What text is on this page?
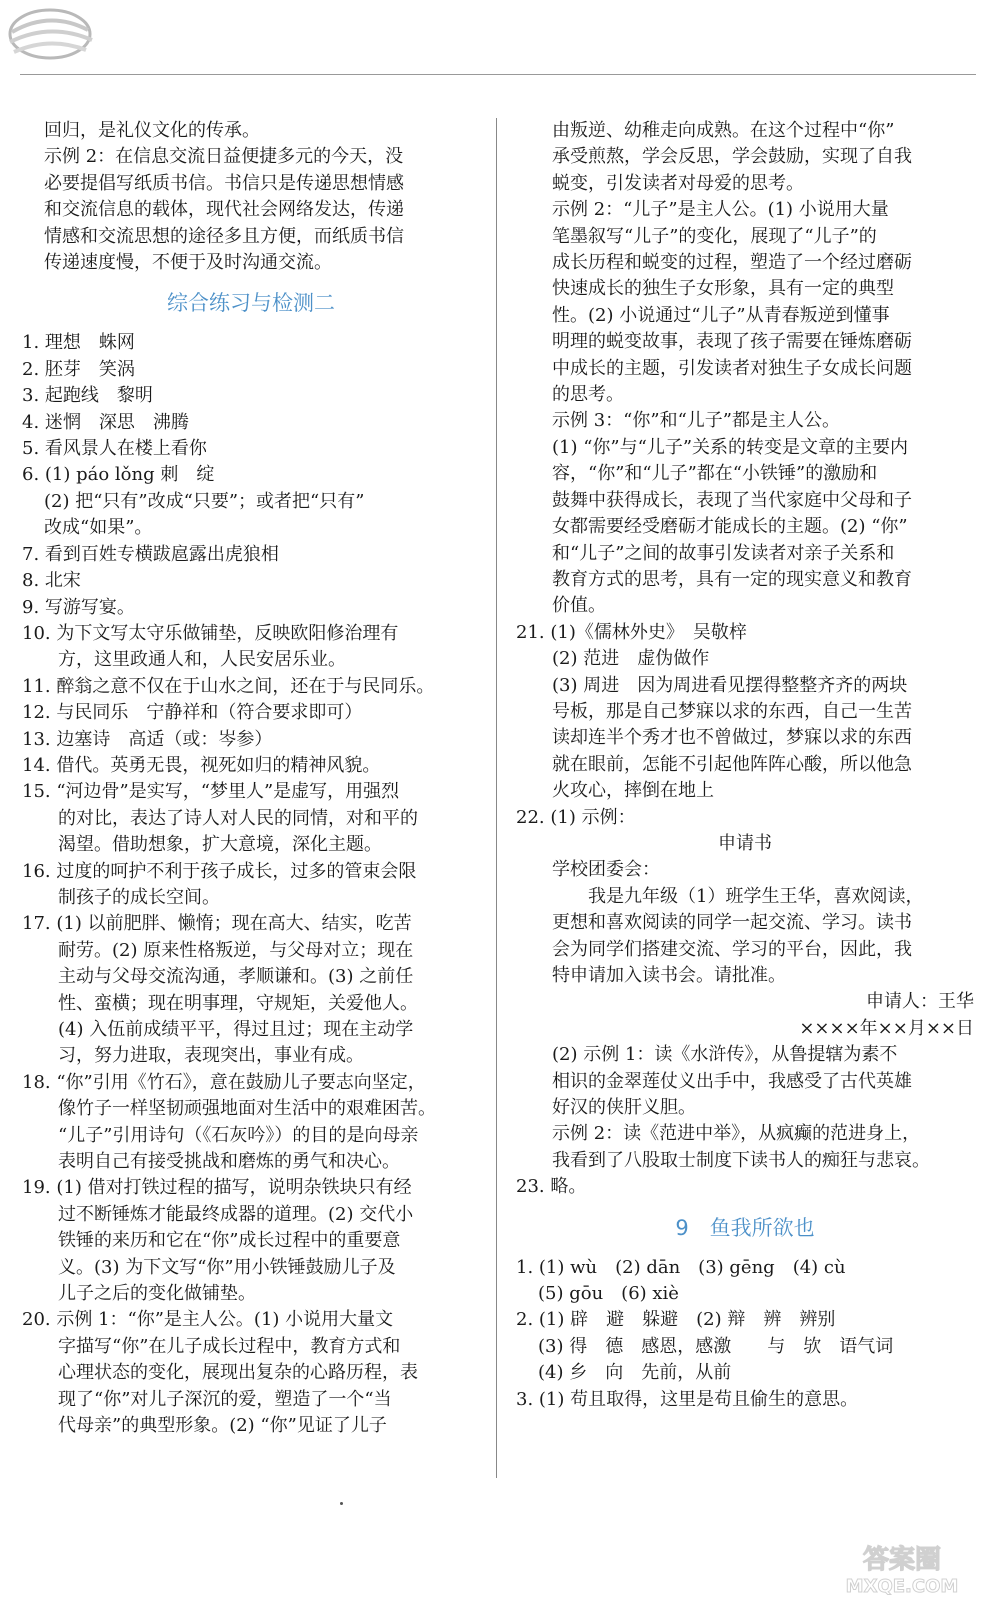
回归，是礼仪文化的传承。
示例 2：在信息交流日益便捷多元的今天，没
必要提倡写纸质书信。书信只是传递思想情感
和交流信息的载体，现代社会网络发达，传递
情感和交流思想的途径多且方便，而纸质书信
传递速度慢，不便于及时沟通交流。
综合练习与检测二
1. 理想　蛛网
2. 胚芽　笑涡
3. 起跑线　黎明
4. 迷惘　深思　沸腾
5. 看风景人在楼上看你
6. (1) páo lǒng 刺　绽
(2) 把“只有”改成“只要”；或者把“只有”
改成“如果”。
7. 看到百姓专横跋扈露出虎狼相
8. 北宋
9. 写游写宴。
10. 为下文写太守乐做铺垫，反映欧阳修治理有
方，这里政通人和，人民安居乐业。
11. 醉翁之意不仅在于山水之间，还在于与民同乐。
12. 与民同乐　宁静祥和（符合要求即可）
13. 边塞诗　高适（或：岑参）
14. 借代。英勇无畏，视死如归的精神风貌。
15. “河边骨”是实写，“梦里人”是虚写，用强烈
的对比，表达了诗人对人民的同情，对和平的
渴望。借助想象，扩大意境，深化主题。
16. 过度的呵护不利于孩子成长，过多的管束会限
制孩子的成长空间。
17. (1) 以前肥胖、懒惰；现在高大、结实，吃苦
耐劳。(2) 原来性格叛逆，与父母对立；现在
主动与父母交流沟通，孝顺谦和。(3) 之前任
性、蛮横；现在明事理，守规矩，关爱他人。
(4) 入伍前成绩平平，得过且过；现在主动学
习，努力进取，表现突出，事业有成。
18. “你”引用《竹石》，意在鼓励儿子要志向坚定，
像竹子一样坚韧顽强地面对生活中的艰难困苦。
“儿子”引用诗句（《石灰吟》）的目的是向母亲
表明自己有接受挑战和磨炼的勇气和决心。
19. (1) 借对打铁过程的描写，说明杂铁块只有经
过不断锤炼才能最终成器的道理。(2) 交代小
铁锤的来历和它在“你”成长过程中的重要意
义。(3) 为下文写“你”用小铁锤鼓励儿子及
儿子之后的变化做铺垫。
20. 示例 1：“你”是主人公。(1) 小说用大量文
字描写“你”在儿子成长过程中，教育方式和
心理状态的变化，展现出复杂的心路历程，表
现了“你”对儿子深沉的爱，塑造了一个“当
代母亲”的典型形象。(2) “你”见证了儿子
由叛逆、幼稚走向成熟。在这个过程中“你”
承受煎熬，学会反思，学会鼓励，实现了自我
蜕变，引发读者对母爱的思考。
示例 2：“儿子”是主人公。(1) 小说用大量
笔墨叙写“儿子”的变化，展现了“儿子”的
成长历程和蜕变的过程，塑造了一个经过磨砺
快速成长的独生子女形象，具有一定的典型
性。(2) 小说通过“儿子”从青春叛逆到懂事
明理的蜕变故事，表现了孩子需要在锤炼磨砺
中成长的主题，引发读者对独生子女成长问题
的思考。
示例 3：“你”和“儿子”都是主人公。
(1) “你”与“儿子”关系的转变是文章的主要内
容，“你”和“儿子”都在“小铁锤”的激励和
鼓舞中获得成长，表现了当代家庭中父母和子
女都需要经受磨砺才能成长的主题。(2) “你”
和“儿子”之间的故事引发读者对亲子关系和
教育方式的思考，具有一定的现实意义和教育
价值。
21. (1)《儒林外史》　吴敬梓
(2) 范进　虚伪做作
(3) 周进　因为周进看见摆得整整齐齐的两块
号板，那是自己梦寐以求的东西，自己一生苦
读却连半个秀才也不曾做过，梦寐以求的东西
就在眼前，怎能不引起他阵阵心酸，所以他急
火攻心，摔倒在地上
22. (1) 示例：
申请书
学校团委会：
　　我是九年级（1）班学生王华，喜欢阅读，
更想和喜欢阅读的同学一起交流、学习。读书
会为同学们搭建交流、学习的平台，因此，我
特申请加入读书会。请批准。
申请人：王华
××××年××月××日
(2) 示例 1：读《水浒传》，从鲁提辖为素不
相识的金翠莲仗义出手中，我感受了古代英雄
好汉的侠肝义胆。
示例 2：读《范进中举》，从疯癫的范进身上，
我看到了八股取士制度下读书人的痴狂与悲哀。
23. 略。
9　鱼我所欲也
1. (1) wù　(2) dān　(3) gēng　(4) cù
(5) gōu　(6) xiè
2. (1) 辟　避　躲避　(2) 辩　辨　辨别
(3) 得　德　感恩，感激　　与　欤　语气词
(4) 乡　向　先前，从前
3. (1) 苟且取得，这里是苟且偷生的意思。
答案圈
MXQE.COM
